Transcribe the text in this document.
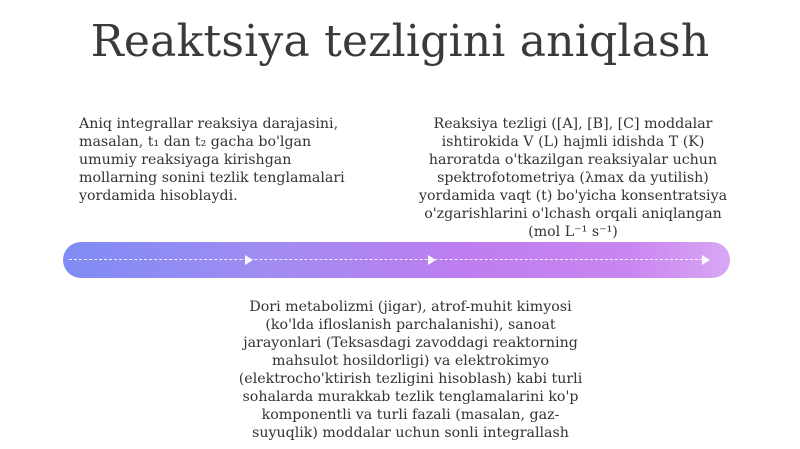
Reaktsiya tezligini aniqlash
Aniq integrallar reaksiya darajasini, masalan, t₁ dan t₂ gacha bo'lgan umumiy reaksiyaga kirishgan mollarning sonini tezlik tenglamalari yordamida hisoblaydi.
Reaksiya tezligi ([A], [B], [C] moddalar ishtirokida V (L) hajmli idishda T (K) haroratda o'tkazilgan reaksiyalar uchun spektrofotometriya (λmax da yutilish) yordamida vaqt (t) bo'yicha konsentratsiya o'zgarishlarini o'lchash orqali aniqlangan (mol L⁻¹ s⁻¹)
Dori metabolizmi (jigar), atrof-muhit kimyosi (ko'lda ifloslanish parchalanishi), sanoat jarayonlari (Teksasdagi zavoddagi reaktorning mahsulot hosildorligi) va elektrokimyo (elektrocho'ktirish tezligini hisoblash) kabi turli sohalarda murakkab tezlik tenglamalarini ko'p komponentli va turli fazali (masalan, gaz-suyuqlik) moddalar uchun sonli integrallash
